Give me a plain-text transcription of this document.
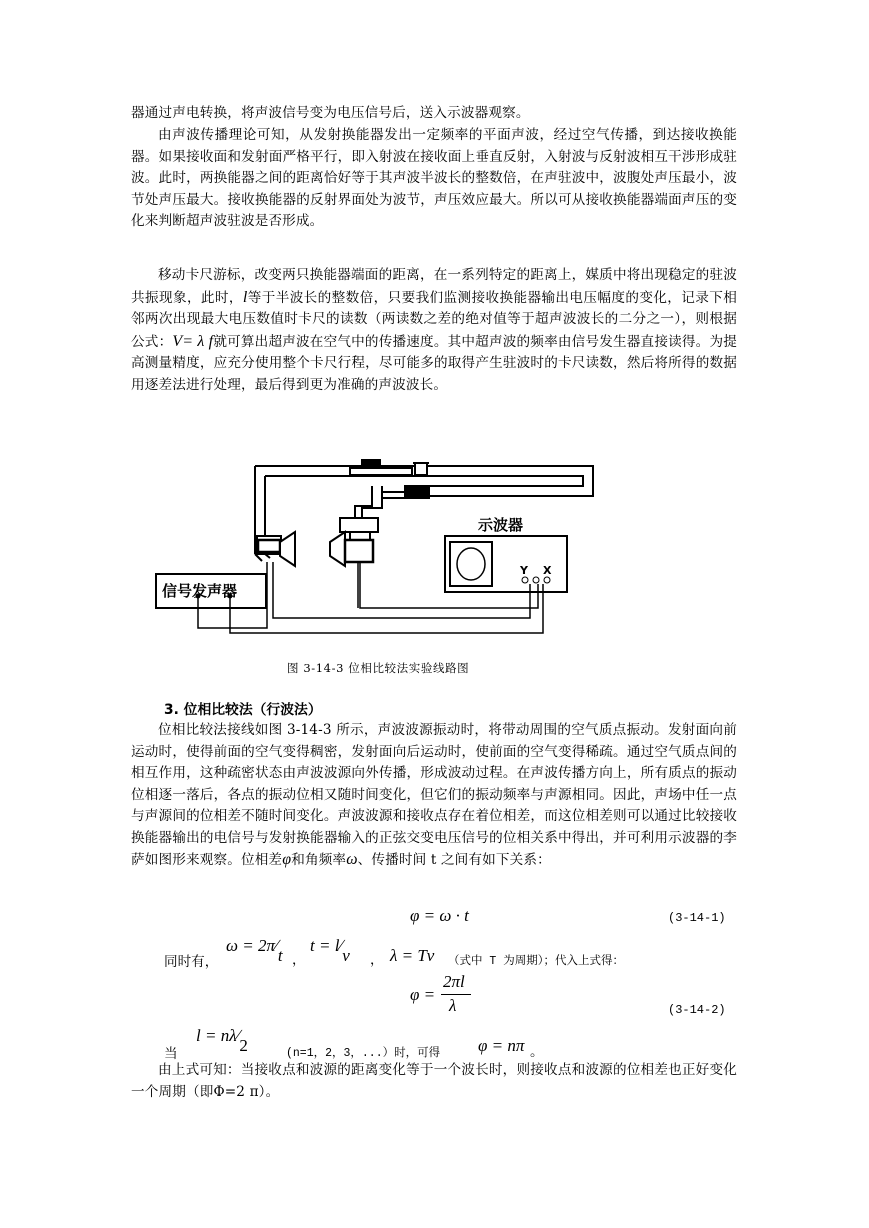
器通过声电转换，将声波信号变为电压信号后，送入示波器观察。

由声波传播理论可知，从发射换能器发出一定频率的平面声波，经过空气传播，到达接收换能器。如果接收面和发射面严格平行，即入射波在接收面上垂直反射，入射波与反射波相互干涉形成驻波。此时，两换能器之间的距离恰好等于其声波半波长的整数倍，在声驻波中，波腹处声压最小，波节处声压最大。接收换能器的反射界面处为波节，声压效应最大。所以可从接收换能器端面声压的变化来判断超声波驻波是否形成。

移动卡尺游标，改变两只换能器端面的距离，在一系列特定的距离上，媒质中将出现稳定的驻波共振现象，此时，l等于半波长的整数倍，只要我们监测接收换能器输出电压幅度的变化，记录下相邻两次出现最大电压数值时卡尺的读数（两读数之差的绝对值等于超声波波长的二分之一），则根据公式：V= λ f就可算出超声波在空气中的传播速度。其中超声波的频率由信号发生器直接读得。为提高测量精度，应充分使用整个卡尺行程，尽可能多的取得产生驻波时的卡尺读数，然后将所得的数据用逐差法进行处理，最后得到更为准确的声波波长。

信号发声器
示波器
Y X
图 3-14-3 位相比较法实验线路图
3. 位相比较法（行波法）

位相比较法接线如图 3-14-3 所示，声波波源振动时，将带动周围的空气质点振动。发射面向前运动时，使得前面的空气变得稠密，发射面向后运动时，使前面的空气变得稀疏。通过空气质点间的相互作用，这种疏密状态由声波波源向外传播，形成波动过程。在声波传播方向上，所有质点的振动位相逐一落后，各点的振动位相又随时间变化，但它们的振动频率与声源相同。因此，声场中任一点与声源间的位相差不随时间变化。声波波源和接收点存在着位相差，而这位相差则可以通过比较接收换能器输出的电信号与发射换能器输入的正弦交变电压信号的位相关系中得出，并可利用示波器的李萨如图形来观察。位相差φ和角频率ω、传播时间 t 之间有如下关系：

φ = ω · t	(3-14-1)
同时有，
ω = 2π∕t ，
t = l∕v ， λ = Tv （式中 T 为周期）；代入上式得：
φ =
2πl
λ	(3-14-2)
当
l = nλ∕2	(n=1，2，3，...）时，可得 φ = nπ 。

由上式可知：当接收点和波源的距离变化等于一个波长时，则接收点和波源的位相差也正好变化一个周期（即Φ=2 π）。
